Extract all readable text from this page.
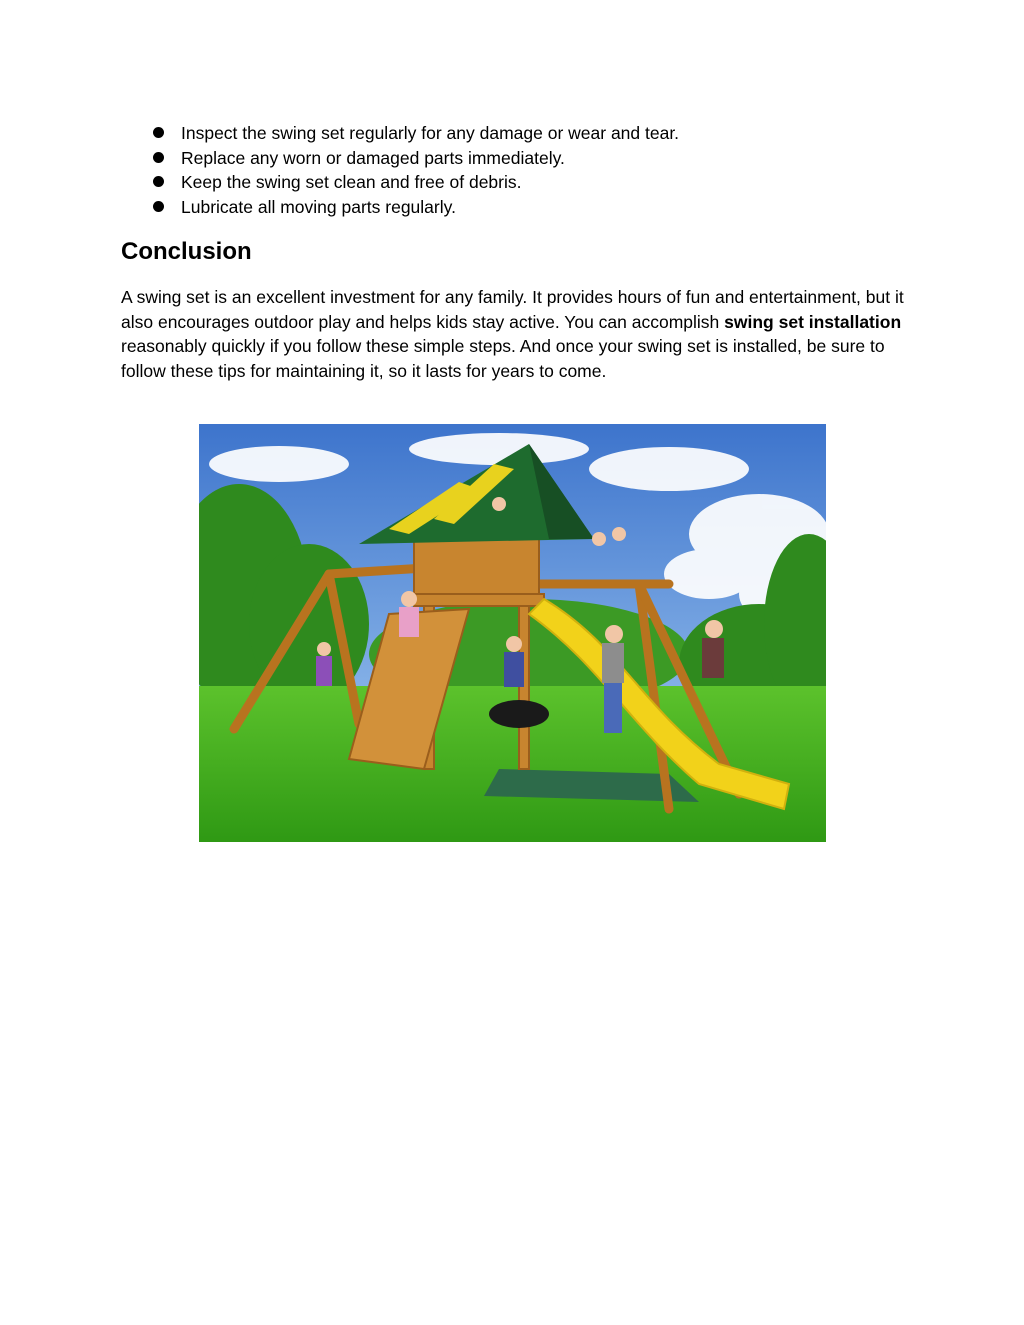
Inspect the swing set regularly for any damage or wear and tear.
Replace any worn or damaged parts immediately.
Keep the swing set clean and free of debris.
Lubricate all moving parts regularly.
Conclusion

A swing set is an excellent investment for any family. It provides hours of fun and entertainment, but it also encourages outdoor play and helps kids stay active. You can accomplish swing set installation reasonably quickly if you follow these simple steps. And once your swing set is installed, be sure to follow these tips for maintaining it, so it lasts for years to come.
